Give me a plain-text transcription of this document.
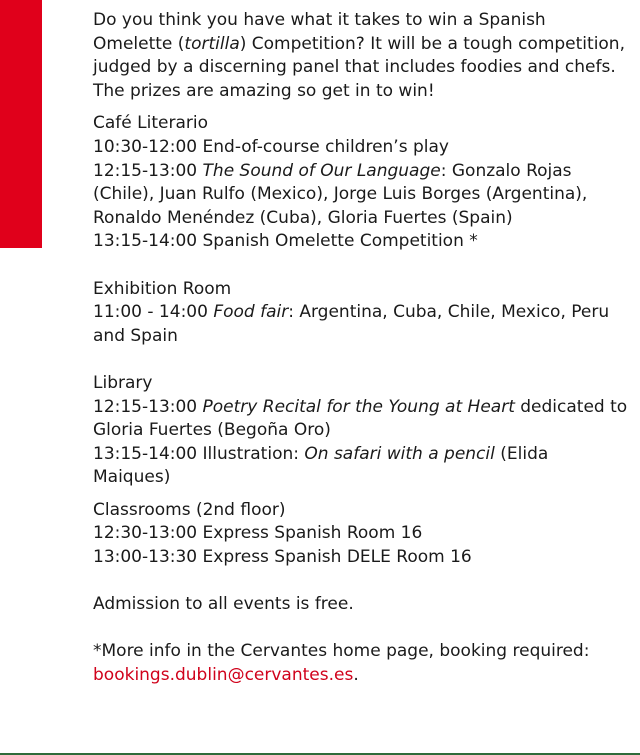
Do you think you have what it takes to win a Spanish Omelette (tortilla) Competition? It will be a tough competition, judged by a discerning panel that includes foodies and chefs. The prizes are amazing so get in to win!

Café Literario

10:30-12:00 End-of-course children’s play

12:15-13:00 The Sound of Our Language: Gonzalo Rojas (Chile), Juan Rulfo (Mexico), Jorge Luis Borges (Argentina), Ronaldo Menéndez (Cuba), Gloria Fuertes (Spain)

13:15-14:00 Spanish Omelette Competition *

Exhibition Room

11:00 - 14:00 Food fair: Argentina, Cuba, Chile, Mexico, Peru and Spain

Library

12:15-13:00 Poetry Recital for the Young at Heart dedicated to Gloria Fuertes (Begoña Oro)

13:15-14:00 Illustration: On safari with a pencil (Elida Maiques)

Classrooms (2nd floor)

12:30-13:00 Express Spanish Room 16

13:00-13:30 Express Spanish DELE Room 16

Admission to all events is free.

*More info in the Cervantes home page, booking required: bookings.dublin@cervantes.es.
